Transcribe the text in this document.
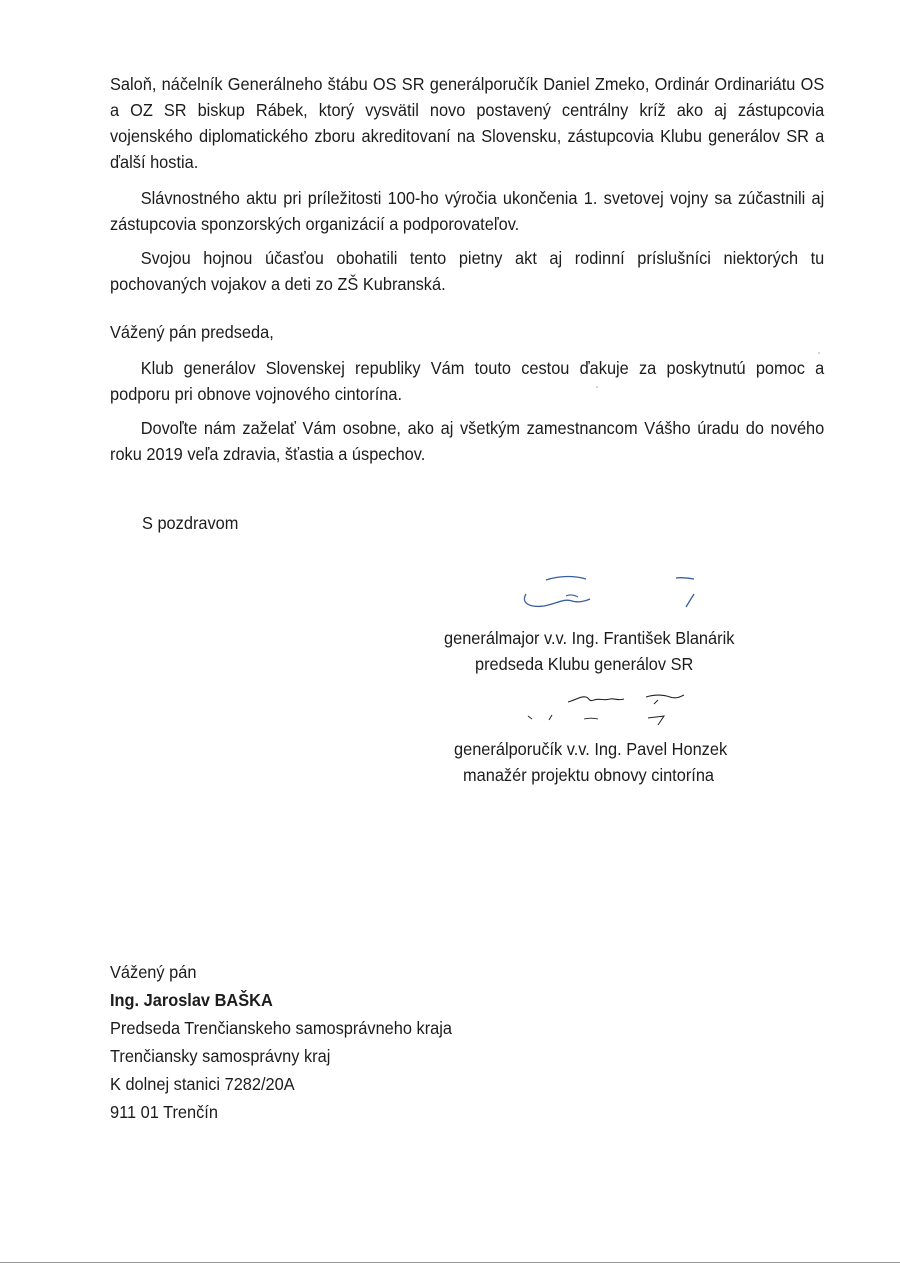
Saloň, náčelník Generálneho štábu OS SR generálporučík Daniel Zmeko, Ordinár Ordinariátu OS a OZ SR biskup Rábek, ktorý vysvätil novo postavený centrálny kríž ako aj zástupcovia vojenského diplomatického zboru akreditovaní na Slovensku, zástupcovia Klubu generálov SR a ďalší hostia.

Slávnostného aktu pri príležitosti 100-ho výročia ukončenia 1. svetovej vojny sa zúčastnili aj zástupcovia sponzorských organizácií a podporovateľov.

Svojou hojnou účasťou obohatili tento pietny akt aj rodinní príslušníci niektorých tu pochovaných vojakov a deti zo ZŠ Kubranská.

Vážený pán predseda,

Klub generálov Slovenskej republiky Vám touto cestou ďakuje za poskytnutú pomoc a podporu pri obnove vojnového cintorína.

Dovoľte nám zaželať Vám osobne, ako aj všetkým zamestnancom Vášho úradu do nového roku 2019 veľa zdravia, šťastia a úspechov.

S pozdravom

generálmajor v.v. Ing. František Blanárik
predseda Klubu generálov SR
generálporučík v.v. Ing. Pavel Honzek
manažér projektu obnovy cintorína
Vážený pán
Ing. Jaroslav BAŠKA
Predseda Trenčianskeho samosprávneho kraja
Trenčiansky samosprávny kraj
K dolnej stanici 7282/20A
911 01 Trenčín
